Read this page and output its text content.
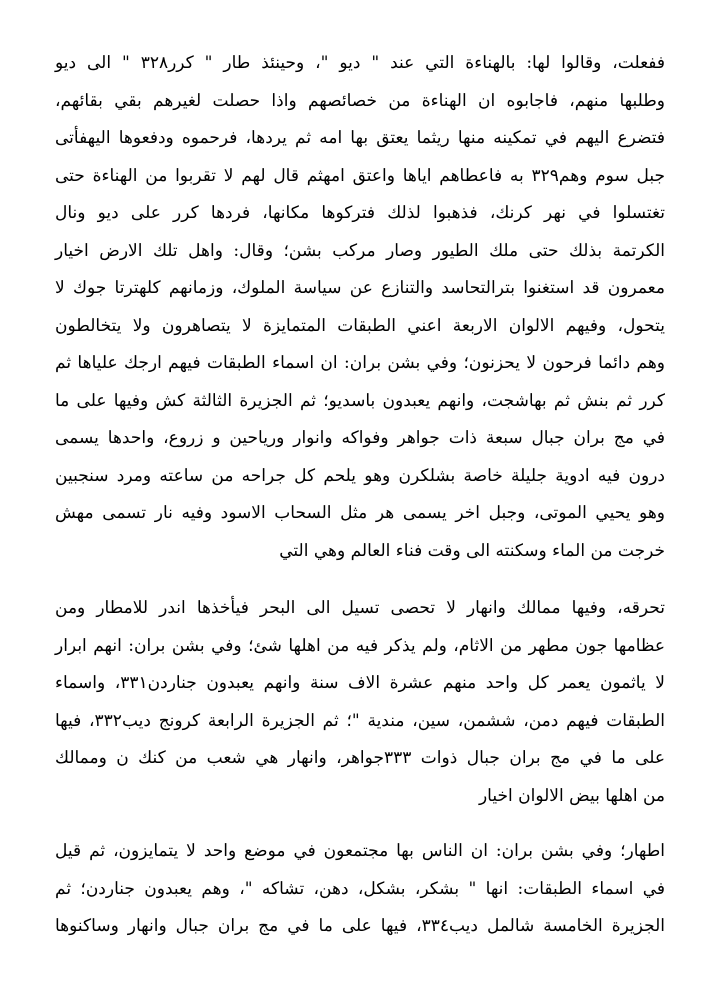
ففعلت، وقالوا لها: بالهناءة التي عند " ديو "، وحينئذ طار " كرر٣٢٨ " الى ديو
وطلبها منهم، فاجابوه ان الهناءة من خصائصهم واذا حصلت لغيرهم بقي بقائهم،
فتضرع اليهم في تمكينه منها ريثما يعتق بها امه ثم يردها، فرحموه ودفعوها اليهفأتى
جبل سوم وهم٣٢٩ به فاعطاهم اياها واعتق امهثم قال لهم لا تقربوا من الهناءة حتى
تغتسلوا في نهر كرنك، فذهبوا لذلك فتركوها مكانها، فردها كرر على ديو ونال
الكرتمة بذلك حتى ملك الطيور وصار مركب بشن؛ وقال: واهل تلك الارض اخيار
معمرون قد استغنوا بترالتحاسد والتنازع عن سياسة الملوك، وزمانهم كلهترتا جوك لا
يتحول، وفيهم الالوان الاربعة اعني الطبقات المتمايزة لا يتصاهرون ولا يتخالطون
وهم دائما فرحون لا يحزنون؛ وفي بشن بران: ان اسماء الطبقات فيهم ارجك علياها ثم
كرر ثم بنش ثم بهاشجت، وانهم يعبدون باسديو؛ ثم الجزيرة الثالثة كش وفيها على ما
في مج بران جبال سبعة ذات جواهر وفواكه وانوار ورياحين و زروع، واحدها يسمى
درون فيه ادوية جليلة خاصة بشلكرن وهو يلحم كل جراحه من ساعته ومرد سنجبين
وهو يحيي الموتى، وجبل اخر يسمى هر مثل السحاب الاسود وفيه نار تسمى مهش
خرجت من الماء وسكنته الى وقت فناء العالم وهي التي
تحرقه، وفيها ممالك وانهار لا تحصى تسيل الى البحر فيأخذها اندر للامطار ومن
عظامها جون مطهر من الاثام، ولم يذكر فيه من اهلها شئ؛ وفي بشن بران: انهم ابرار
لا ياثمون يعمر كل واحد منهم عشرة الاف سنة وانهم يعبدون جناردن٣٣١، واسماء
الطبقات فيهم دمن، ششمن، سين، مندية "؛ ثم الجزيرة الرابعة كرونج ديب٣٣٢، فيها
على ما في مج بران جبال ذوات ٣٣٣جواهر، وانهار هي شعب من كنك ن وممالك
من اهلها بيض الالوان اخيار
اطهار؛ وفي بشن بران: ان الناس بها مجتمعون في موضع واحد لا يتمايزون، ثم قيل
في اسماء الطبقات: انها " بشكر، بشكل، دهن، تشاكه "، وهم يعبدون جناردن؛ ثم
الجزيرة الخامسة شالمل ديب٣٣٤، فيها على ما في مج بران جبال وانهار وساكنوها
